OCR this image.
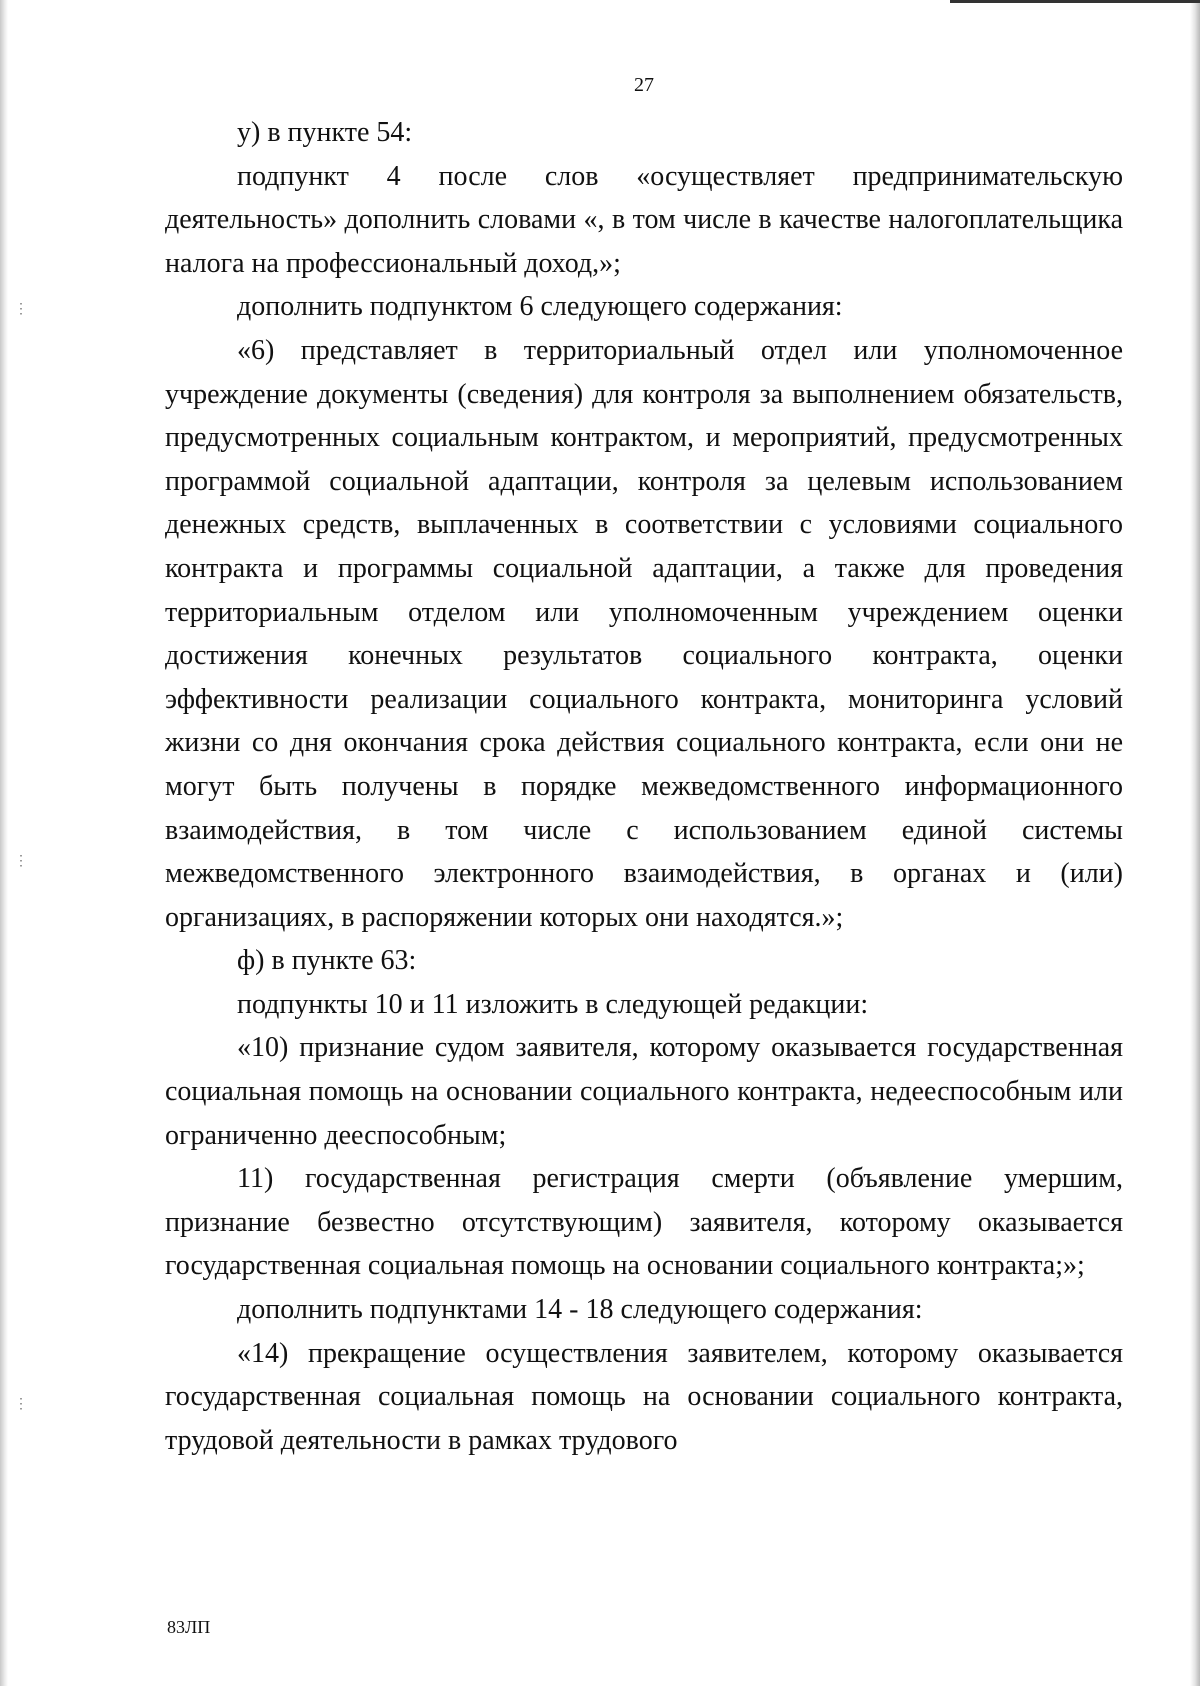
⋮
⋮
⋮
27

у) в пункте 54:

подпункт 4 после слов «осуществляет предпринимательскую деятельность» дополнить словами «, в том числе в качестве налогоплательщика налога на профессиональный доход,»;

дополнить подпунктом 6 следующего содержания:

«6) представляет в территориальный отдел или уполномоченное учреждение документы (сведения) для контроля за выполнением обязательств, предусмотренных социальным контрактом, и мероприятий, предусмотренных программой социальной адаптации, контроля за целевым использованием денежных средств, выплаченных в соответствии с условиями социального контракта и программы социальной адаптации, а также для проведения территориальным отделом или уполномоченным учреждением оценки достижения конечных результатов социального контракта, оценки эффективности реализации социального контракта, мониторинга условий жизни со дня окончания срока действия социального контракта, если они не могут быть получены в порядке межведомственного информационного взаимодействия, в том числе с использованием единой системы межведомственного электронного взаимодействия, в органах и (или) организациях, в распоряжении которых они находятся.»;

ф) в пункте 63:

подпункты 10 и 11 изложить в следующей редакции:

«10) признание судом заявителя, которому оказывается государственная социальная помощь на основании социального контракта, недееспособным или ограниченно дееспособным;

11) государственная регистрация смерти (объявление умершим, признание безвестно отсутствующим) заявителя, которому оказывается государственная социальная помощь на основании социального контракта;»;

дополнить подпунктами 14 - 18 следующего содержания:

«14) прекращение осуществления заявителем, которому оказывается государственная социальная помощь на основании социального контракта, трудовой деятельности в рамках трудового

83ЛП
